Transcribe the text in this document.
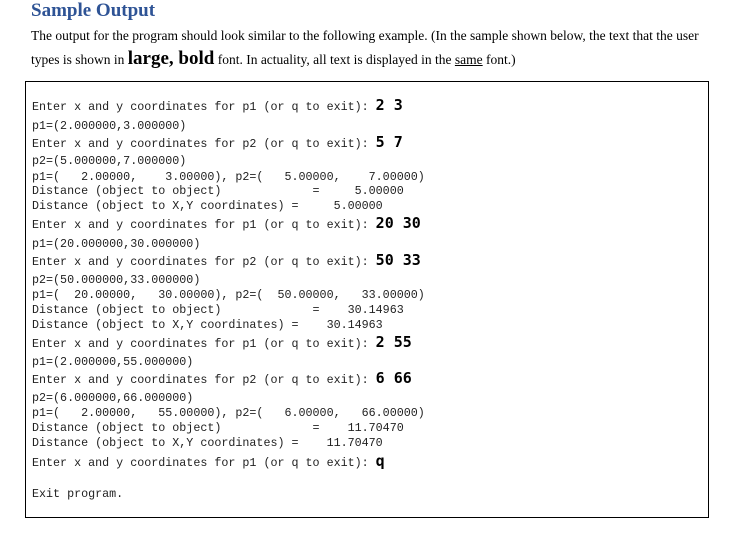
Sample Output
The output for the program should look similar to the following example. (In the sample shown below, the text that the user types is shown in large, bold font. In actuality, all text is displayed in the same font.)
Enter x and y coordinates for p1 (or q to exit): 2 3
p1=(2.000000,3.000000)
Enter x and y coordinates for p2 (or q to exit): 5 7
p2=(5.000000,7.000000)
p1=(   2.00000,    3.00000), p2=(   5.00000,    7.00000)
Distance (object to object)             =     5.00000
Distance (object to X,Y coordinates) =     5.00000
Enter x and y coordinates for p1 (or q to exit): 20 30
p1=(20.000000,30.000000)
Enter x and y coordinates for p2 (or q to exit): 50 33
p2=(50.000000,33.000000)
p1=(  20.00000,   30.00000), p2=(  50.00000,   33.00000)
Distance (object to object)             =    30.14963
Distance (object to X,Y coordinates) =    30.14963
Enter x and y coordinates for p1 (or q to exit): 2 55
p1=(2.000000,55.000000)
Enter x and y coordinates for p2 (or q to exit): 6 66
p2=(6.000000,66.000000)
p1=(   2.00000,   55.00000), p2=(   6.00000,   66.00000)
Distance (object to object)             =    11.70470
Distance (object to X,Y coordinates) =    11.70470
Enter x and y coordinates for p1 (or q to exit): q
Exit program.
